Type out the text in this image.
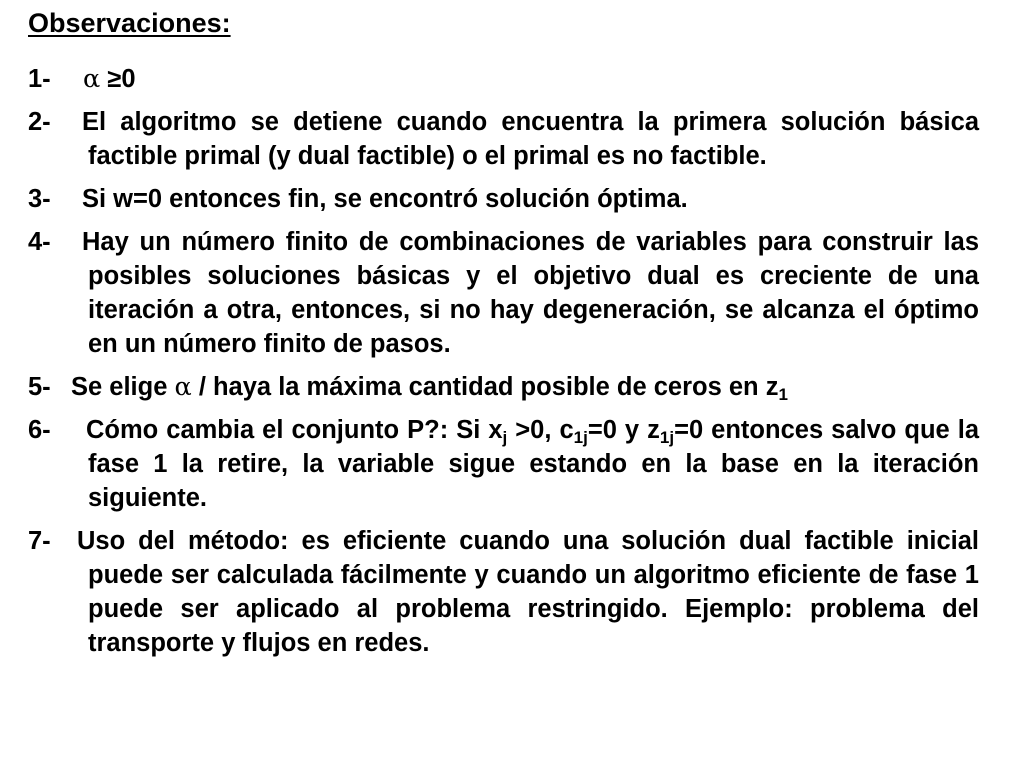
Observaciones:
1- α ≥0
2- El algoritmo se detiene cuando encuentra la primera solución básica factible primal (y dual factible) o el primal es no factible.
3- Si w=0 entonces fin, se encontró solución óptima.
4- Hay un número finito de combinaciones de variables para construir las posibles soluciones básicas y el objetivo dual es creciente de una iteración a otra, entonces, si no hay degeneración, se alcanza el óptimo en un número finito de pasos.
5- Se elige α / haya la máxima cantidad posible de ceros en $z_1$
6- Cómo cambia el conjunto P?: Si $x_j >0$, $c_{1j}=0$ y $z_{1j}=0$ entonces salvo que la fase 1 la retire, la variable sigue estando en la base en la iteración siguiente.
7- Uso del método: es eficiente cuando una solución dual factible inicial puede ser calculada fácilmente y cuando un algoritmo eficiente de fase 1 puede ser aplicado al problema restringido. Ejemplo: problema del transporte y flujos en redes.
